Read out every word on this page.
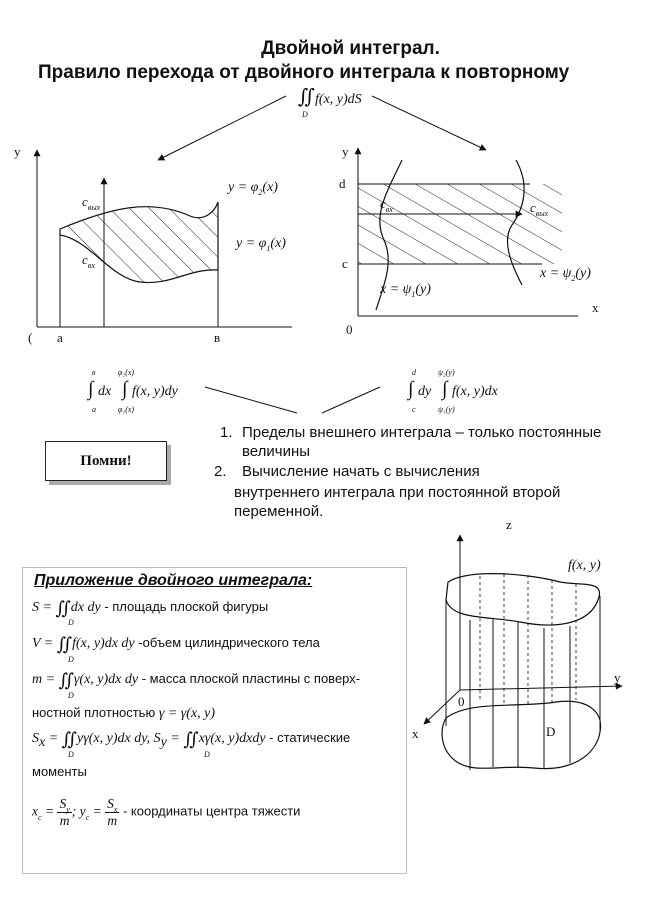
Двойной интеграл.
Правило перехода от двойного интеграла к повторному
∬f(x, y)dS
D
y
( a	в
$c_{вых}$
$c_{вх}$
$y = \varphi_2(x)$
$y = \varphi_1(x)$
y
x
0
d
c
$c_{вх}$	$c_{вых}$
$x = \psi_1(y)$
$x = \psi_2(y)$
в
∫
a
dx
φ₂(x)
∫
φ₁(x)
f(x, y)dy
d
∫
c
dy
ψ₂(y)
∫
ψ₁(y)
f(x, y)dx
Помни!
1. Пределы внешнего интеграла – только постоянные
величины
2. Вычисление начать с вычисления
внутреннего интеграла при постоянной второй
переменной.
Приложение двойного интеграла:
S = ∬dx dy - площадь плоской фигуры
D
V = ∬f(x, y)dx dy -объем цилиндрического тела
D
m = ∬γ(x, y)dx dy - масса плоской пластины с поверх-
D
ностной плотностью γ = γ(x, y)
Sx = ∬yγ(x, y)dx dy, Sy = ∬xγ(x, y)dxdy - статические
D	D
моменты
$x_c = \frac{S_y}{m}$ ; $y_c = \frac{S_x}{m}$ - координаты центра тяжести
z
y
x
0
D
f(x, y)
